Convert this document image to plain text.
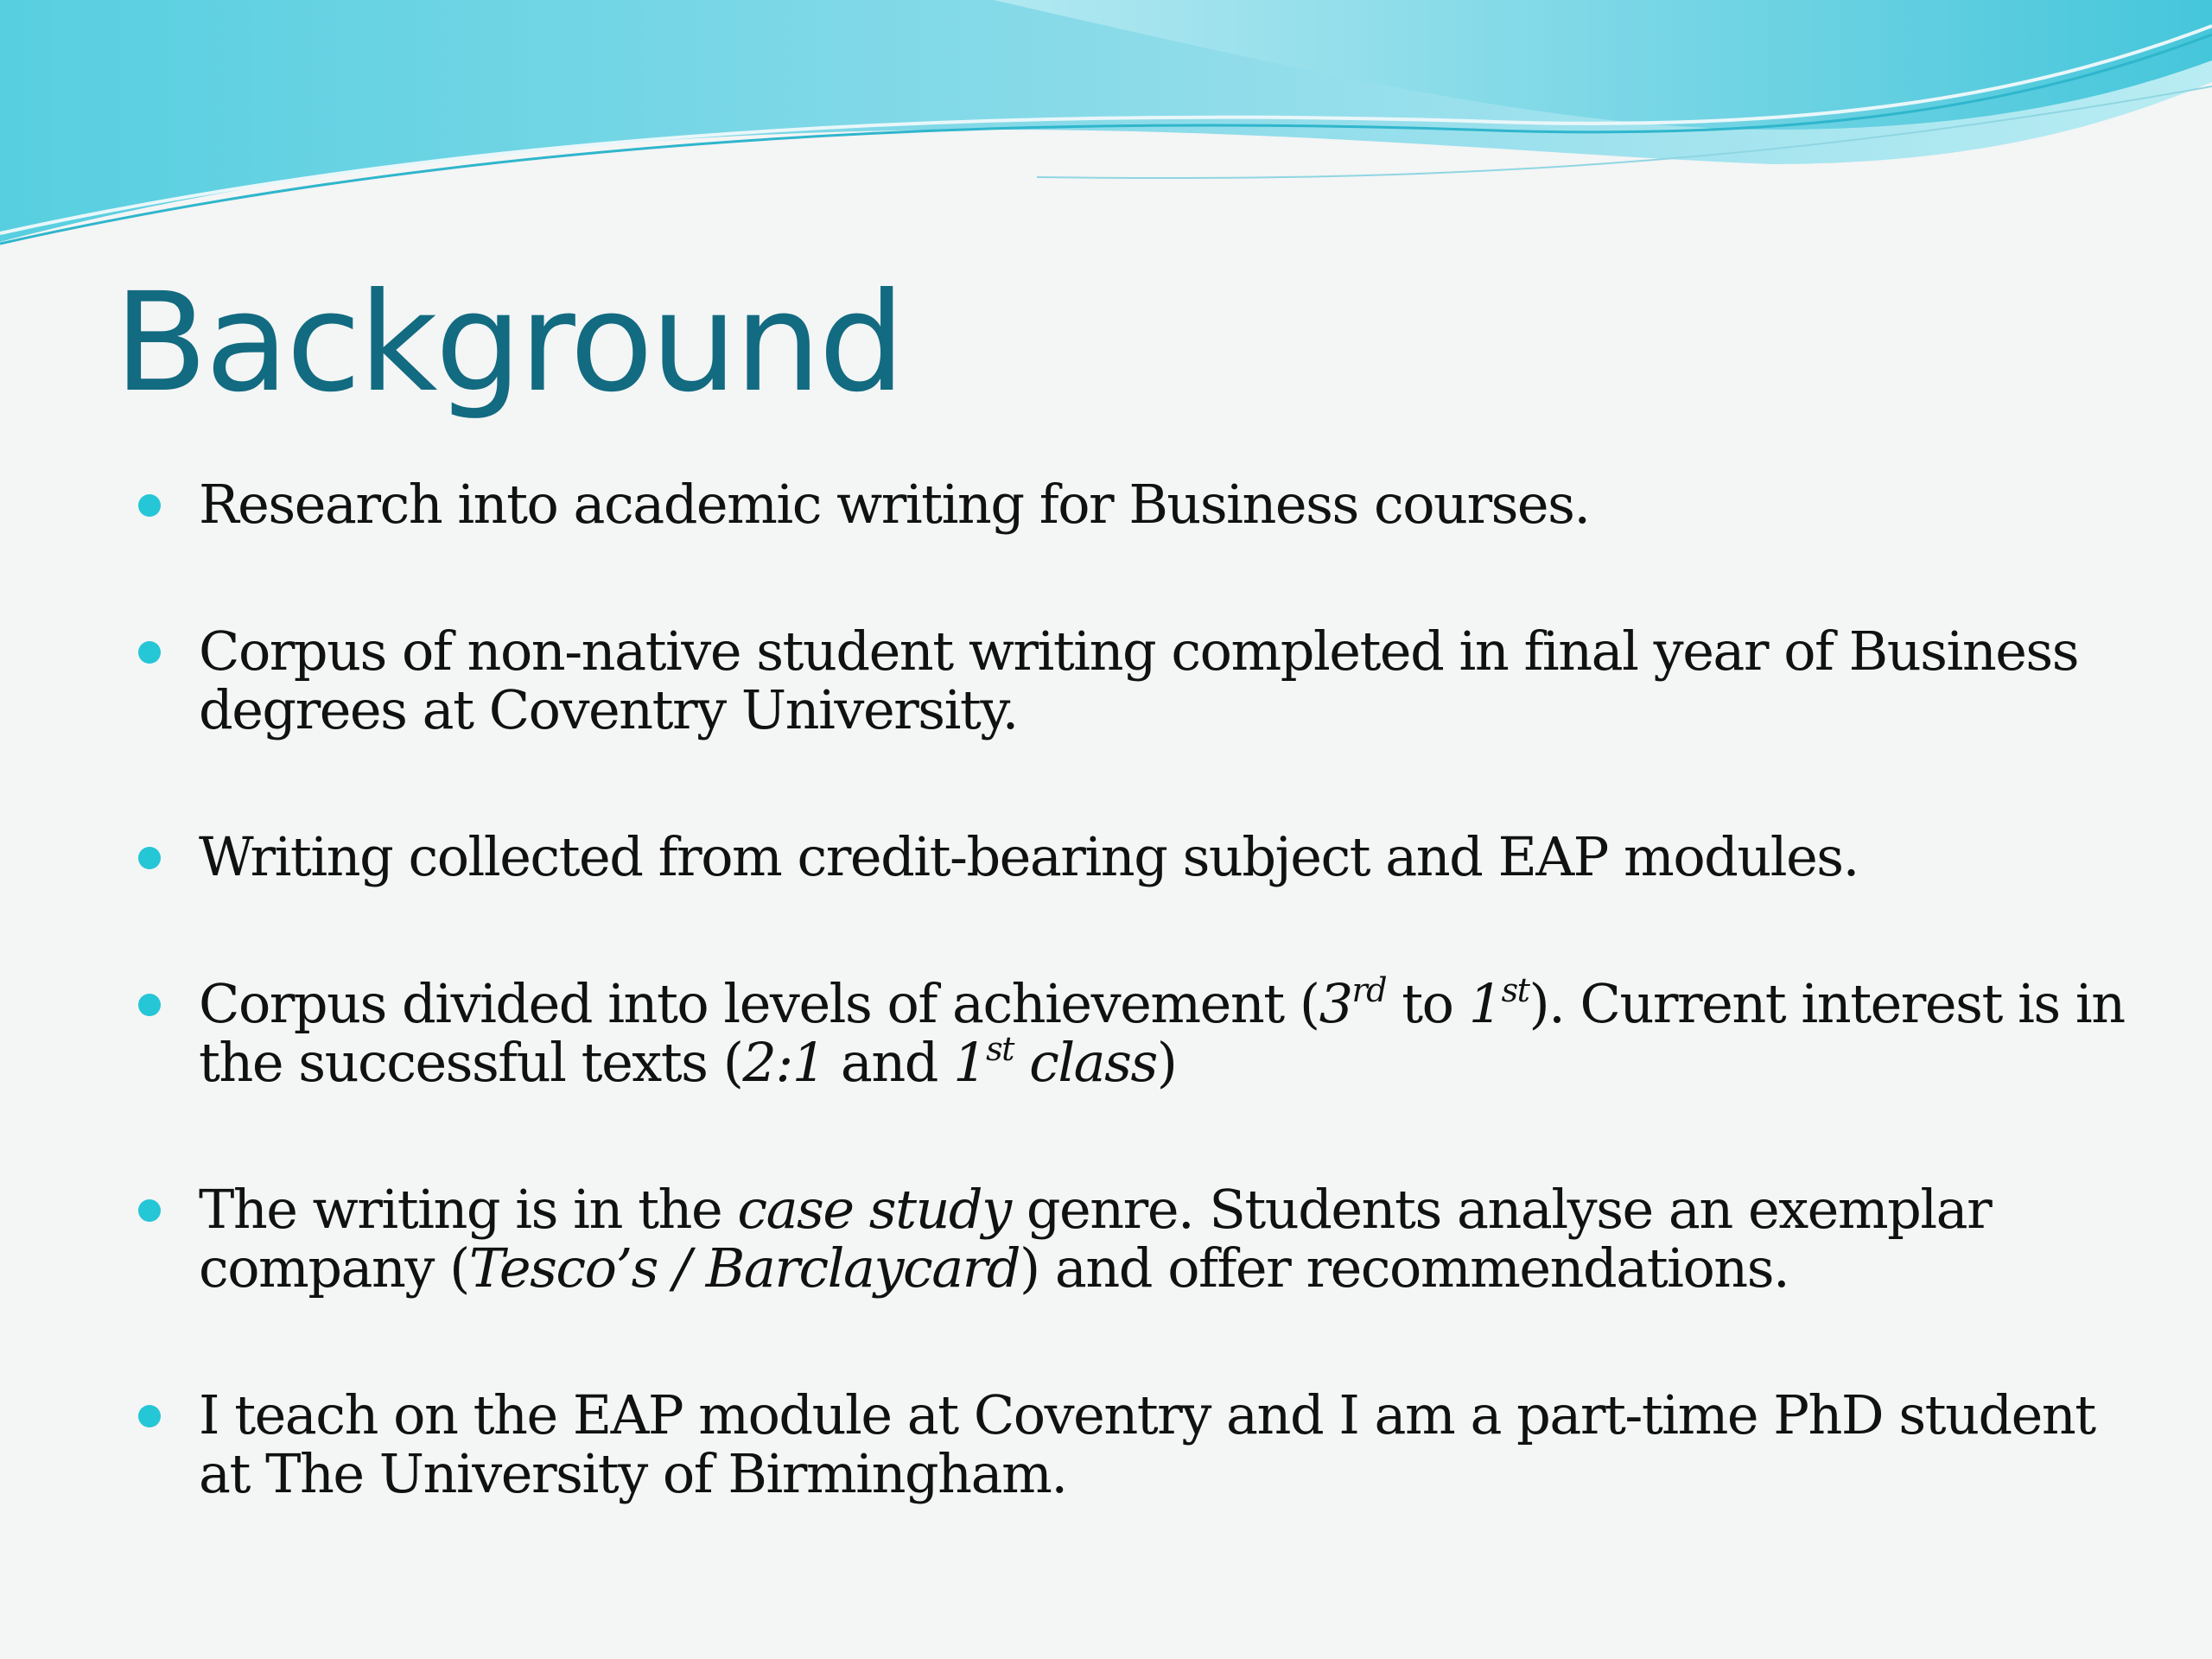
Background
Research into academic writing for Business courses.
Corpus of non-native student writing completed in final year of Business degrees at Coventry University.
Writing collected from credit-bearing subject and EAP modules.
Corpus divided into levels of achievement (3rd to 1st). Current interest is in the successful texts (2:1 and 1st class)
The writing is in the case study genre. Students analyse an exemplar company (Tesco’s / Barclaycard) and offer recommendations.
I teach on the EAP module at Coventry and I am a part-time PhD student at The University of Birmingham.
